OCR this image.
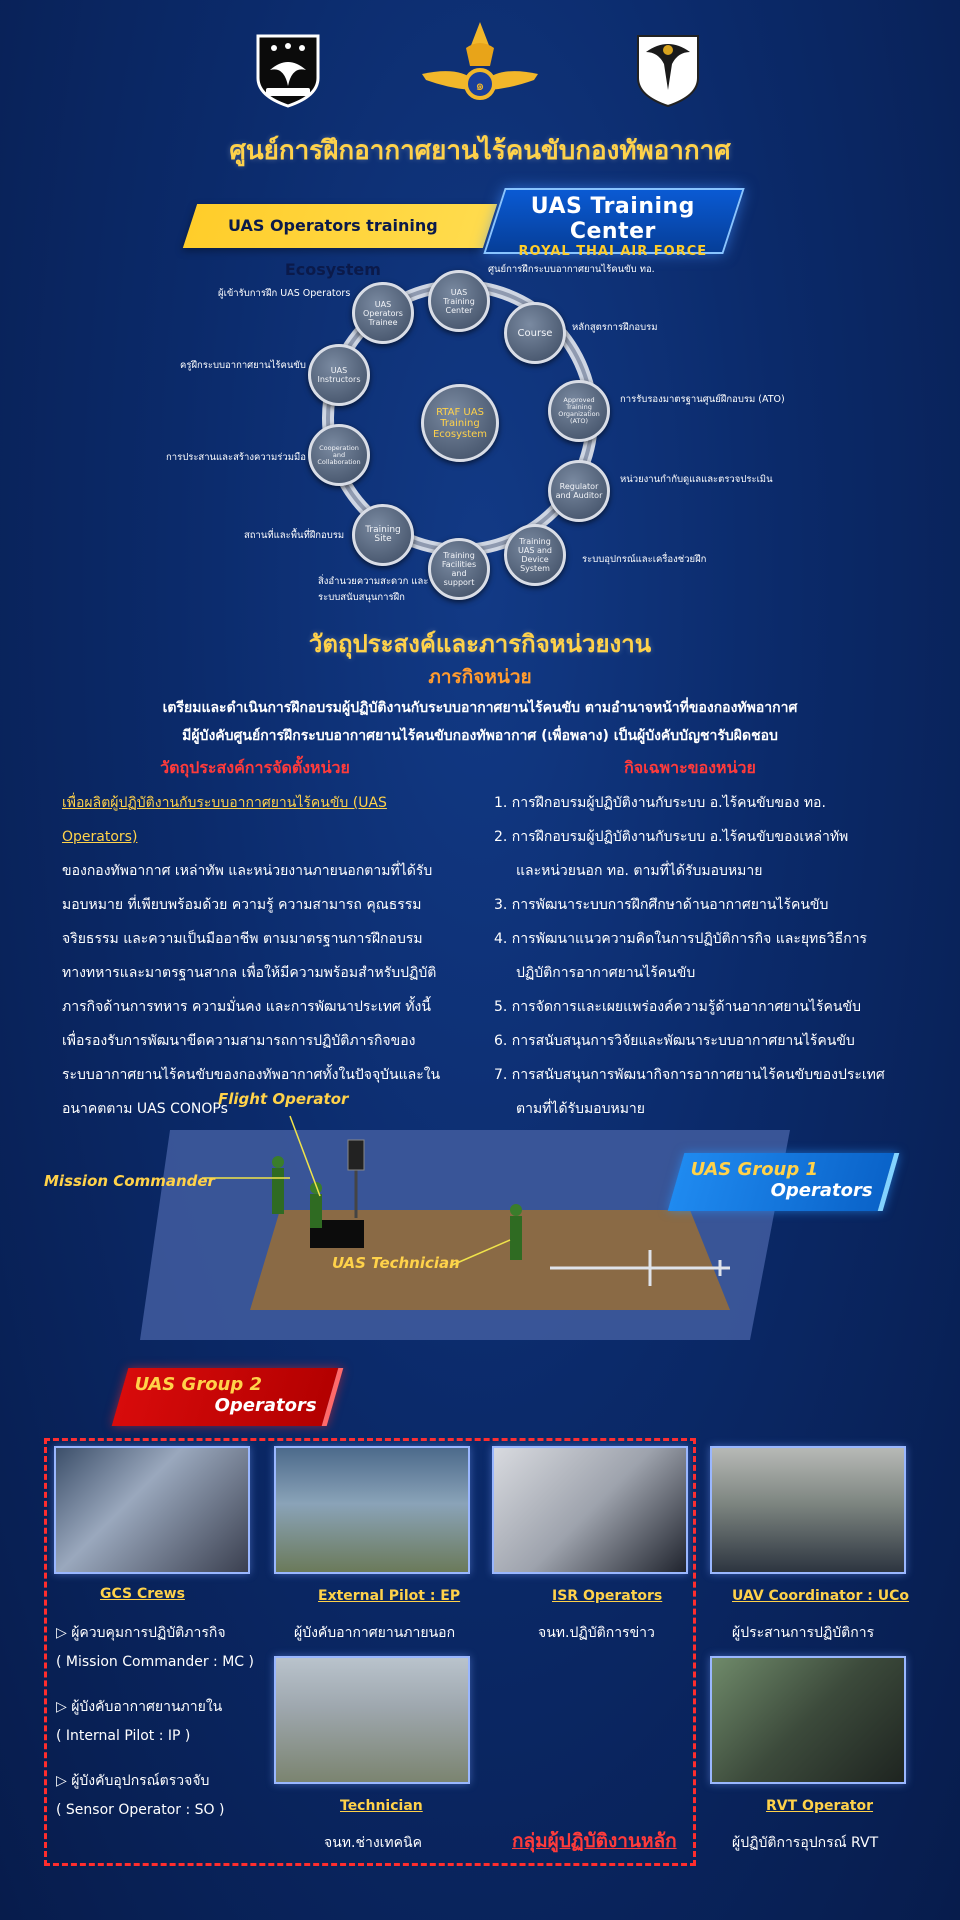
๑
ศูนย์การฝึกอากาศยานไร้คนขับกองทัพอากาศ
UAS Operators training Ecosystem
UAS Training Center
ROYAL THAI AIR FORCE
RTAF UAS Training Ecosystem
UAS Training Center
Course
Approved Training Organization (ATO)
Regulator and Auditor
Training UAS and Device System
Training Facilities and support
Training Site
Cooperation and Collaboration
UAS Instructors
UAS Operators Trainee
ศูนย์การฝึกระบบอากาศยานไร้คนขับ ทอ.
หลักสูตรการฝึกอบรม
การรับรองมาตรฐานศูนย์ฝึกอบรม (ATO)
หน่วยงานกำกับดูแลและตรวจประเมิน
ระบบอุปกรณ์และเครื่องช่วยฝึก
สิ่งอำนวยความสะดวก และ
ระบบสนับสนุนการฝึก
สถานที่และพื้นที่ฝึกอบรม
การประสานและสร้างความร่วมมือ
ครูฝึกระบบอากาศยานไร้คนขับ
ผู้เข้ารับการฝึก UAS Operators
วัตถุประสงค์และภารกิจหน่วยงาน
ภารกิจหน่วย
เตรียมและดำเนินการฝึกอบรมผู้ปฏิบัติงานกับระบบอากาศยานไร้คนขับ ตามอำนาจหน้าที่ของกองทัพอากาศ
มีผู้บังคับศูนย์การฝึกระบบอากาศยานไร้คนขับกองทัพอากาศ (เพื่อพลาง) เป็นผู้บังคับบัญชารับผิดชอบ
วัตถุประสงค์การจัดตั้งหน่วย
เพื่อผลิตผู้ปฏิบัติงานกับระบบอากาศยานไร้คนขับ (UAS Operators)
ของกองทัพอากาศ เหล่าทัพ และหน่วยงานภายนอกตามที่ได้รับ
มอบหมาย ที่เพียบพร้อมด้วย ความรู้ ความสามารถ คุณธรรม
จริยธรรม และความเป็นมืออาชีพ ตามมาตรฐานการฝึกอบรม
ทางทหารและมาตรฐานสากล เพื่อให้มีความพร้อมสำหรับปฏิบัติ
ภารกิจด้านการทหาร ความมั่นคง และการพัฒนาประเทศ ทั้งนี้
เพื่อรองรับการพัฒนาขีดความสามารถการปฏิบัติภารกิจของ
ระบบอากาศยานไร้คนขับของกองทัพอากาศทั้งในปัจจุบันและใน
อนาคตตาม UAS CONOPs
กิจเฉพาะของหน่วย
1. การฝึกอบรมผู้ปฏิบัติงานกับระบบ อ.ไร้คนขับของ ทอ.
2. การฝึกอบรมผู้ปฏิบัติงานกับระบบ อ.ไร้คนขับของเหล่าทัพ
และหน่วยนอก ทอ. ตามที่ได้รับมอบหมาย
3. การพัฒนาระบบการฝึกศึกษาด้านอากาศยานไร้คนขับ
4. การพัฒนาแนวความคิดในการปฏิบัติการกิจ และยุทธวิธีการ
ปฏิบัติการอากาศยานไร้คนขับ
5. การจัดการและเผยแพร่องค์ความรู้ด้านอากาศยานไร้คนขับ
6. การสนับสนุนการวิจัยและพัฒนาระบบอากาศยานไร้คนขับ
7. การสนับสนุนการพัฒนากิจการอากาศยานไร้คนขับของประเทศ
ตามที่ได้รับมอบหมาย
Flight Operator
Mission Commander
UAS Technician
UAS Group 1
Operators
UAS Group 2
Operators
GCS Crews
▷ ผู้ควบคุมการปฏิบัติภารกิจ
( Mission Commander : MC )
▷ ผู้บังคับอากาศยานภายใน
( Internal Pilot : IP )
▷ ผู้บังคับอุปกรณ์ตรวจจับ
( Sensor Operator : SO )
External Pilot : EP
ผู้บังคับอากาศยานภายนอก
ISR Operators
จนท.ปฏิบัติการข่าว
UAV Coordinator : UCo
ผู้ประสานการปฏิบัติการ
Technician
จนท.ช่างเทคนิค
RVT Operator
ผู้ปฏิบัติการอุปกรณ์ RVT
กลุ่มผู้ปฏิบัติงานหลัก
